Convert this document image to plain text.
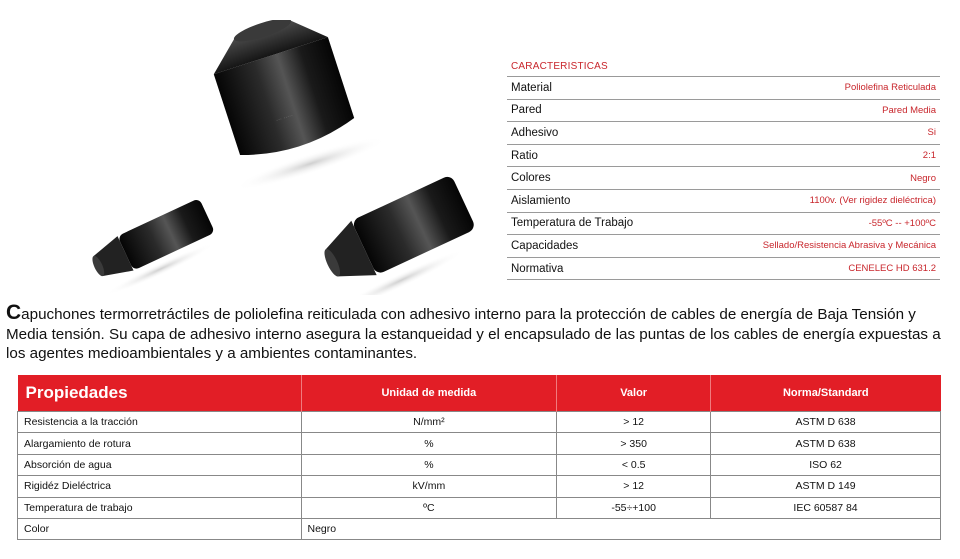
··· ·····
CARACTERISTICAS
Material	Poliolefina Reticulada
Pared	Pared Media
Adhesivo	Si
Ratio	2:1
Colores	Negro
Aislamiento	1100v. (Ver rigidez dieléctrica)
Temperatura de Trabajo	-55ºC -- +100ºC
Capacidades	Sellado/Resistencia Abrasiva y Mecánica
Normativa	CENELEC HD 631.2

Capuchones termorretráctiles de poliolefina reiticulada con adhesivo interno para la protección de cables de energía de Baja Tensión y Media tensión. Su capa de adhesivo interno asegura la estanqueidad y el encapsulado de las puntas de los cables de energía expuestas a los agentes medioambientales y a ambientes contaminantes.

Propiedades	Unidad de medida	Valor	Norma/Standard
Resistencia a la tracción	N/mm²	> 12	ASTM D 638
Alargamiento de rotura	%	> 350	ASTM D 638
Absorción de agua	%	< 0.5	ISO 62
Rigidéz Dieléctrica	kV/mm	> 12	ASTM D 149
Temperatura de trabajo	ºC	-55÷+100	IEC 60587 84
Color	Negro		
